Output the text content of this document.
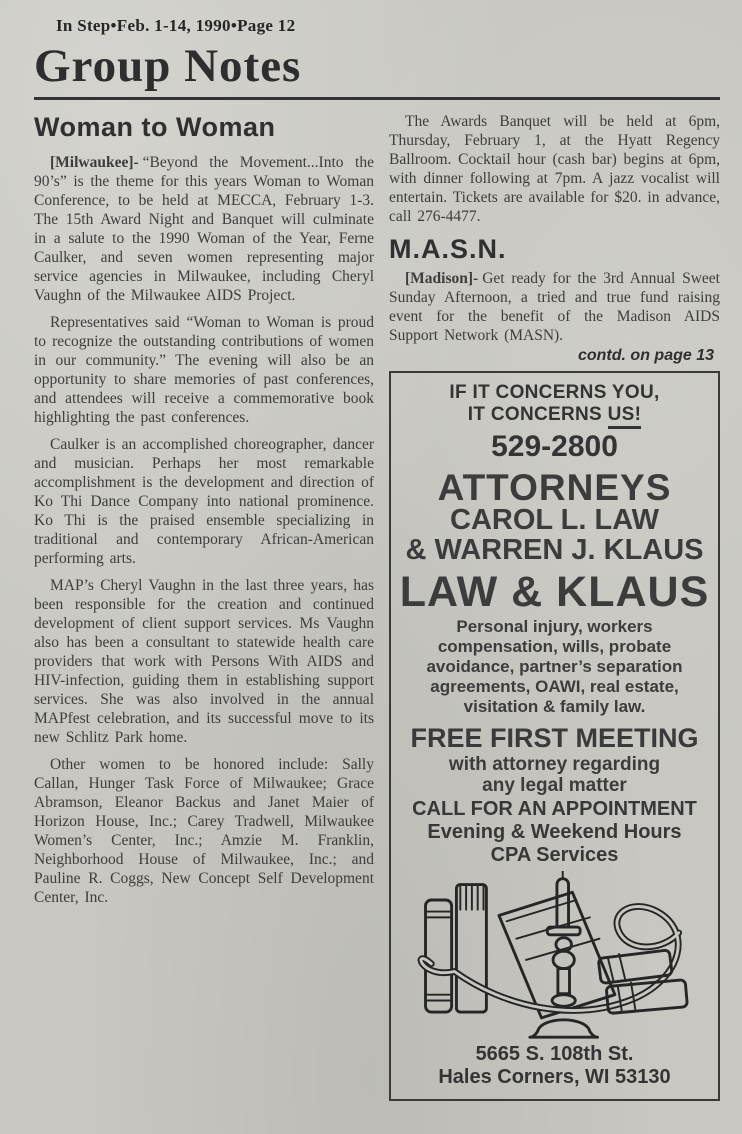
In Step•Feb. 1-14, 1990•Page 12
Group Notes
Woman to Woman

[Milwaukee]- “Beyond the Movement...Into the 90’s” is the theme for this years Woman to Woman Conference, to be held at MECCA, February 1-3. The 15th Award Night and Banquet will culminate in a salute to the 1990 Woman of the Year, Ferne Caulker, and seven women representing major service agencies in Milwaukee, including Cheryl Vaughn of the Milwaukee AIDS Project.

Representatives said “Woman to Woman is proud to recognize the outstanding contributions of women in our community.” The evening will also be an opportunity to share memories of past conferences, and attendees will receive a commemorative book highlighting the past conferences.

Caulker is an accomplished choreographer, dancer and musician. Perhaps her most remarkable accomplishment is the development and direction of Ko Thi Dance Company into national prominence. Ko Thi is the praised ensemble specializing in traditional and contemporary African-American performing arts.

MAP’s Cheryl Vaughn in the last three years, has been responsible for the creation and continued development of client support services. Ms Vaughn also has been a consultant to statewide health care providers that work with Persons With AIDS and HIV-infection, guiding them in establishing support services. She was also involved in the annual MAPfest celebration, and its successful move to its new Schlitz Park home.

Other women to be honored include: Sally Callan, Hunger Task Force of Milwaukee; Grace Abramson, Eleanor Backus and Janet Maier of Horizon House, Inc.; Carey Tradwell, Milwaukee Women’s Center, Inc.; Amzie M. Franklin, Neighborhood House of Milwaukee, Inc.; and Pauline R. Coggs, New Concept Self Development Center, Inc.

The Awards Banquet will be held at 6pm, Thursday, February 1, at the Hyatt Regency Ballroom. Cocktail hour (cash bar) begins at 6pm, with dinner following at 7pm. A jazz vocalist will entertain. Tickets are available for $20. in advance, call 276-4477.

M.A.S.N.

[Madison]- Get ready for the 3rd Annual Sweet Sunday Afternoon, a tried and true fund raising event for the benefit of the Madison AIDS Support Network (MASN).

contd. on page 13
IF IT CONCERNS YOU,
IT CONCERNS US!
529-2800
ATTORNEYS
CAROL L. LAW
& WARREN J. KLAUS
LAW & KLAUS
Personal injury, workers compensation, wills, probate avoidance, partner’s separation agreements, OAWI, real estate, visitation & family law.
FREE FIRST MEETING
with attorney regarding any legal matter
CALL FOR AN APPOINTMENT
Evening & Weekend Hours
CPA Services
5665 S. 108th St.
Hales Corners, WI 53130
